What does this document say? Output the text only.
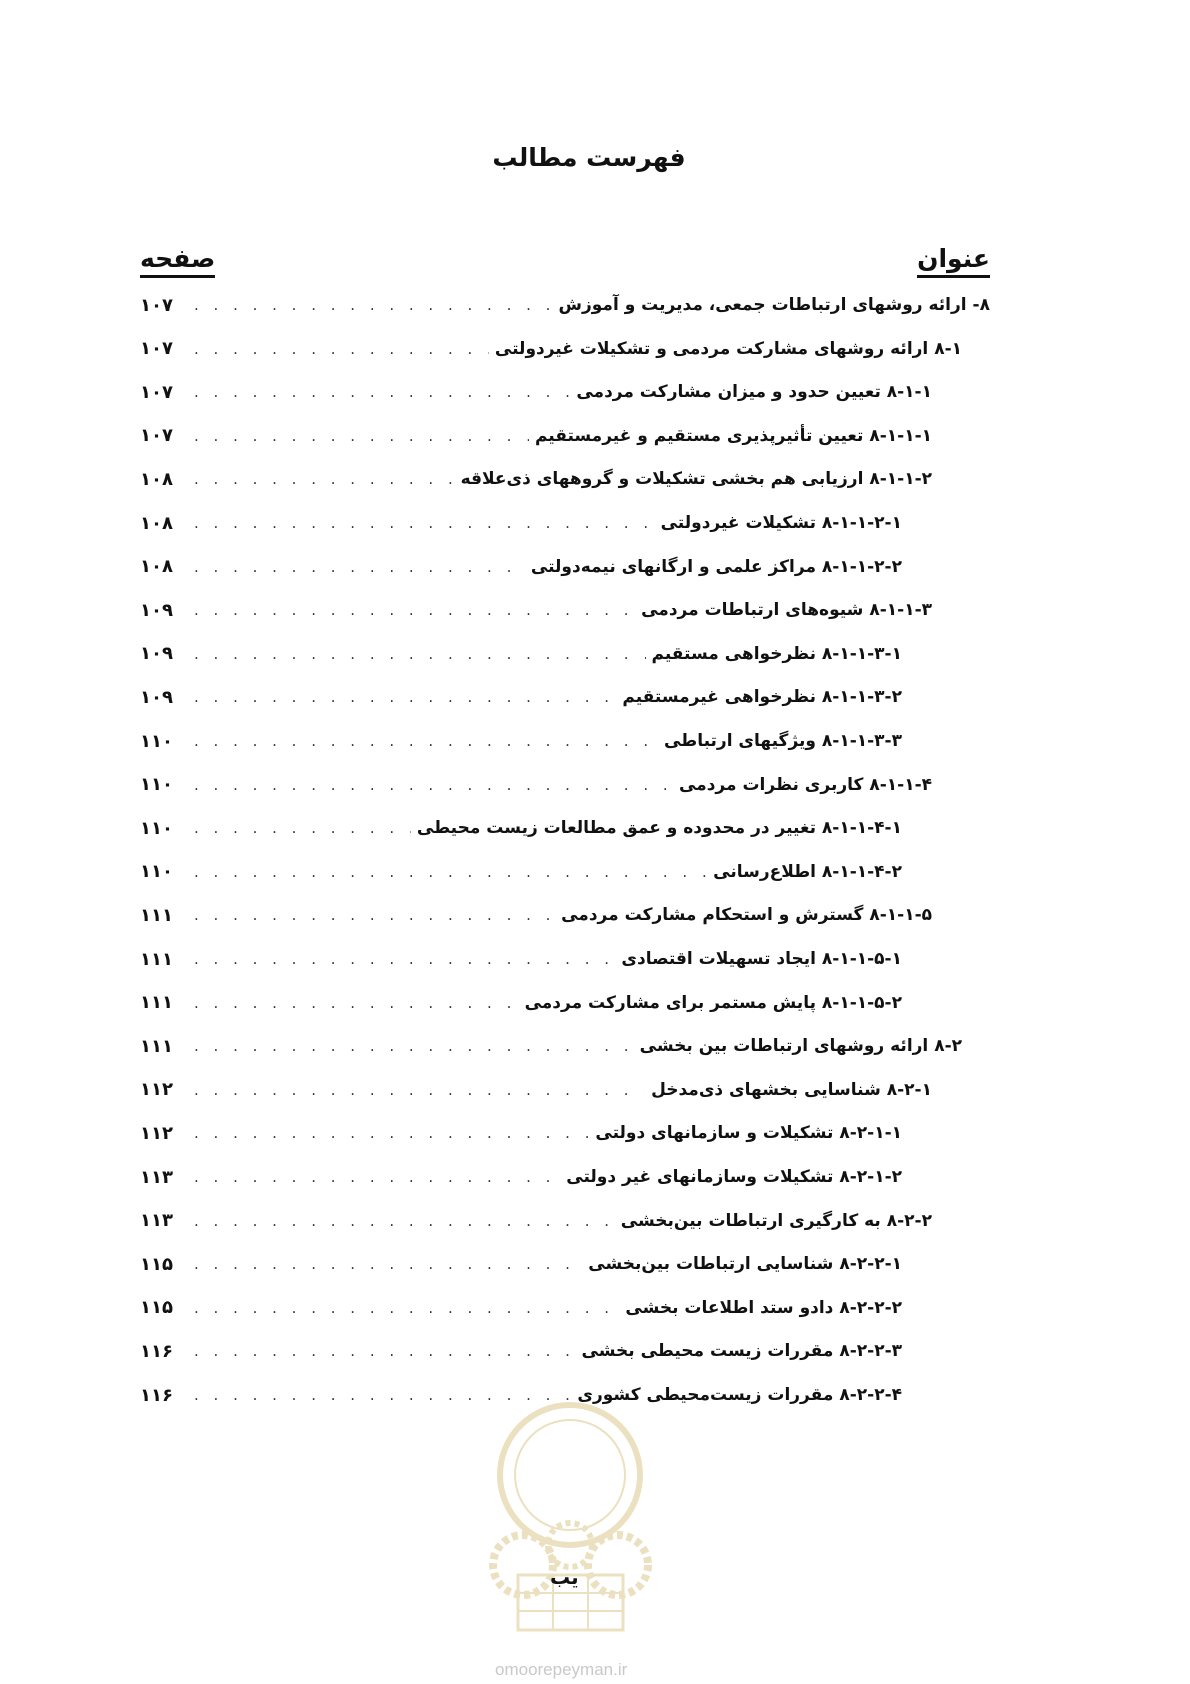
فهرست مطالب
عنوان
صفحه
۸- ارائه روشهای ارتباطات جمعی، مدیریت و آموزش
. . .
۱۰۷
۸-۱ ارائه روشهای مشارکت مردمی و تشکیلات غیردولتی
. . .
۱۰۷
۸-۱-۱ تعیین حدود و میزان مشارکت مردمی
. . .
۱۰۷
۸-۱-۱-۱ تعیین تأثیرپذیری مستقیم و غیرمستقیم
. . .
۱۰۷
۸-۱-۱-۲ ارزیابی هم بخشی تشکیلات و گروههای ذی‌علاقه
. . .
۱۰۸
۸-۱-۱-۲-۱ تشکیلات غیردولتی
. . .
۱۰۸
۸-۱-۱-۲-۲ مراکز علمی و ارگانهای نیمه‌دولتی
. . .
۱۰۸
۸-۱-۱-۳ شیوه‌های ارتباطات مردمی
. . .
۱۰۹
۸-۱-۱-۳-۱ نظرخواهی مستقیم
. . .
۱۰۹
۸-۱-۱-۳-۲ نظرخواهی غیرمستقیم
. . .
۱۰۹
۸-۱-۱-۳-۳ ویژگیهای ارتباطی
. . .
۱۱۰
۸-۱-۱-۴ کاربری نظرات مردمی
. . .
۱۱۰
۸-۱-۱-۴-۱ تغییر در محدوده و عمق مطالعات زیست محیطی
. . .
۱۱۰
۸-۱-۱-۴-۲ اطلاع‌رسانی
. . .
۱۱۰
۸-۱-۱-۵ گسترش و استحکام مشارکت مردمی
. . .
۱۱۱
۸-۱-۱-۵-۱ ایجاد تسهیلات اقتصادی
. . .
۱۱۱
۸-۱-۱-۵-۲ پایش مستمر برای مشارکت مردمی
. . .
۱۱۱
۸-۲ ارائه روشهای ارتباطات بین بخشی
. . .
۱۱۱
۸-۲-۱ شناسایی بخشهای ذی‌مدخل
. . .
۱۱۲
۸-۲-۱-۱ تشکیلات و سازمانهای دولتی
. . .
۱۱۲
۸-۲-۱-۲ تشکیلات وسازمانهای غیر دولتی
. . .
۱۱۳
۸-۲-۲ به کارگیری ارتباطات بین‌بخشی
. . .
۱۱۳
۸-۲-۲-۱ شناسایی ارتباطات بین‌بخشی
. . .
۱۱۵
۸-۲-۲-۲ دادو ستد اطلاعات بخشی
. . .
۱۱۵
۸-۲-۲-۳ مقررات زیست محیطی بخشی
. . .
۱۱۶
۸-۲-۲-۴ مقررات زیست‌محیطی کشوری
. . .
۱۱۶
یب
omoorepeyman.ir
